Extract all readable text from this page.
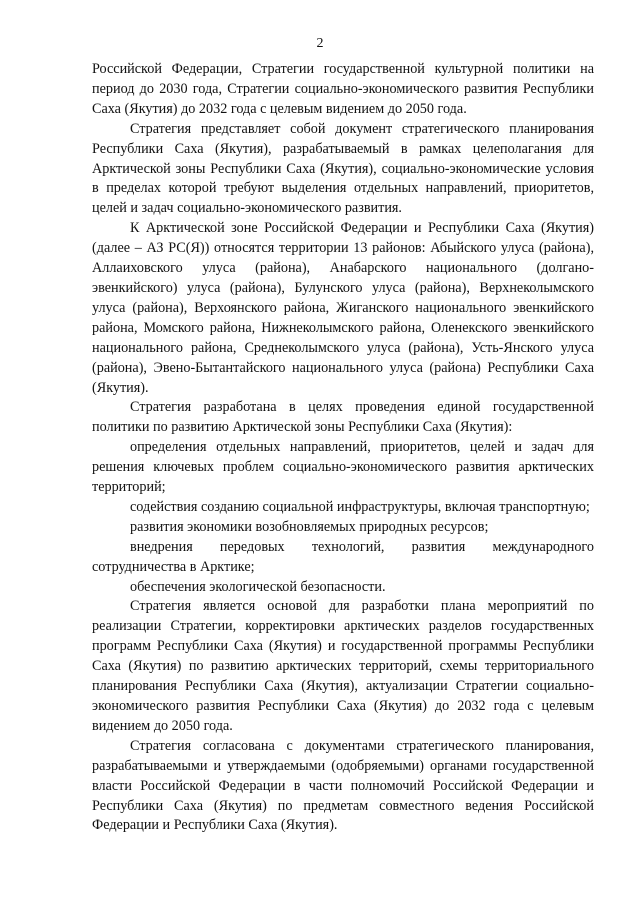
2

Российской Федерации, Стратегии государственной культурной политики на период до 2030 года, Стратегии социально-экономического развития Республики Саха (Якутия) до 2032 года с целевым видением до 2050 года.

Стратегия представляет собой документ стратегического планирования Республики Саха (Якутия), разрабатываемый в рамках целеполагания для Арктической зоны Республики Саха (Якутия), социально-экономические условия в пределах которой требуют выделения отдельных направлений, приоритетов, целей и задач социально-экономического развития.

К Арктической зоне Российской Федерации и Республики Саха (Якутия) (далее – АЗ РС(Я)) относятся территории 13 районов: Абыйского улуса (района), Аллаиховского улуса (района), Анабарского национального (долгано-эвенкийского) улуса (района), Булунского улуса (района), Верхнеколымского улуса (района), Верхоянского района, Жиганского национального эвенкийского района, Момского района, Нижнеколымского района, Оленекского эвенкийского национального района, Среднеколымского улуса (района), Усть-Янского улуса (района), Эвено-Бытантайского национального улуса (района) Республики Саха (Якутия).

Стратегия разработана в целях проведения единой государственной политики по развитию Арктической зоны Республики Саха (Якутия):

определения отдельных направлений, приоритетов, целей и задач для решения ключевых проблем социально-экономического развития арктических территорий;

содействия созданию социальной инфраструктуры, включая транспортную;

развития экономики возобновляемых природных ресурсов;

внедрения передовых технологий, развития международного сотрудничества в Арктике;

обеспечения экологической безопасности.

Стратегия является основой для разработки плана мероприятий по реализации Стратегии, корректировки арктических разделов государственных программ Республики Саха (Якутия) и государственной программы Республики Саха (Якутия) по развитию арктических территорий, схемы территориального планирования Республики Саха (Якутия), актуализации Стратегии социально-экономического развития Республики Саха (Якутия) до 2032 года с целевым видением до 2050 года.

Стратегия согласована с документами стратегического планирования, разрабатываемыми и утверждаемыми (одобряемыми) органами государственной власти Российской Федерации в части полномочий Российской Федерации и Республики Саха (Якутия) по предметам совместного ведения Российской Федерации и Республики Саха (Якутия).
